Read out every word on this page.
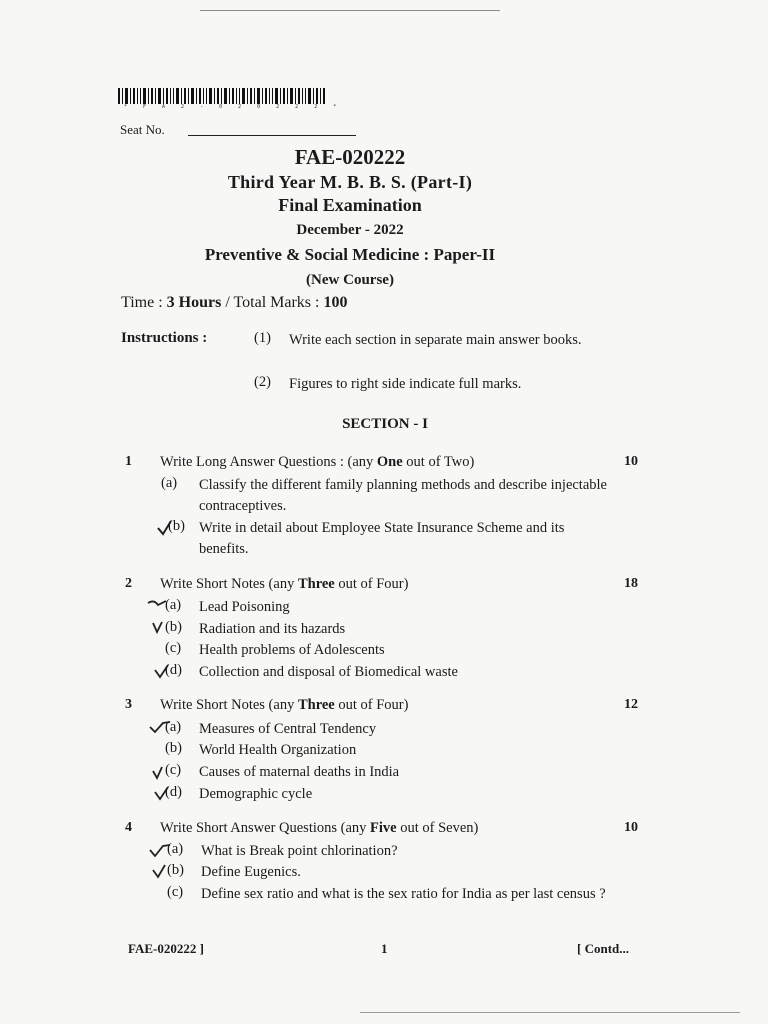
* F A 2 - 0 2 0 2 2 2 *
Seat No.
FAE-020222
Third Year M. B. B. S. (Part-I)
Final Examination
December - 2022
Preventive & Social Medicine : Paper-II
(New Course)
Time : 3 Hours / Total Marks : 100
Instructions :	(1) Write each section in separate main answer books.
(2) Figures to right side indicate full marks.
SECTION - I
1 Write Long Answer Questions : (any One out of Two)	10
(a) Classify the different family planning methods and describe injectable contraceptives.
(b) Write in detail about Employee State Insurance Scheme and its benefits.
2 Write Short Notes (any Three out of Four)	18
(a) Lead Poisoning
(b) Radiation and its hazards
(c) Health problems of Adolescents
(d) Collection and disposal of Biomedical waste
3 Write Short Notes (any Three out of Four)	12
(a) Measures of Central Tendency
(b) World Health Organization
(c) Causes of maternal deaths in India
(d) Demographic cycle
4 Write Short Answer Questions (any Five out of Seven)	10
(a) What is Break point chlorination?
(b) Define Eugenics.
(c) Define sex ratio and what is the sex ratio for India as per last census ?
FAE-020222 ]	1	[ Contd...
